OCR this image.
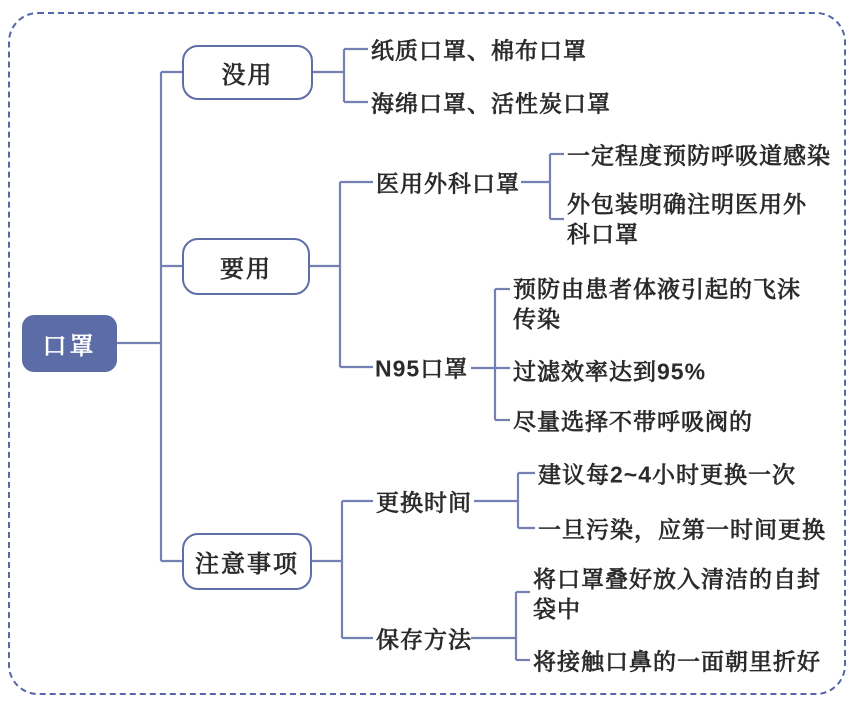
口罩
没用
要用
注意事项
纸质口罩、棉布口罩
海绵口罩、活性炭口罩
医用外科口罩
一定程度预防呼吸道感染
外包装明确注明医用外科口罩
N95口罩
预防由患者体液引起的飞沫传染
过滤效率达到95%
尽量选择不带呼吸阀的
更换时间
建议每2~4小时更换一次
一旦污染，应第一时间更换
保存方法
将口罩叠好放入清洁的自封袋中
将接触口鼻的一面朝里折好
